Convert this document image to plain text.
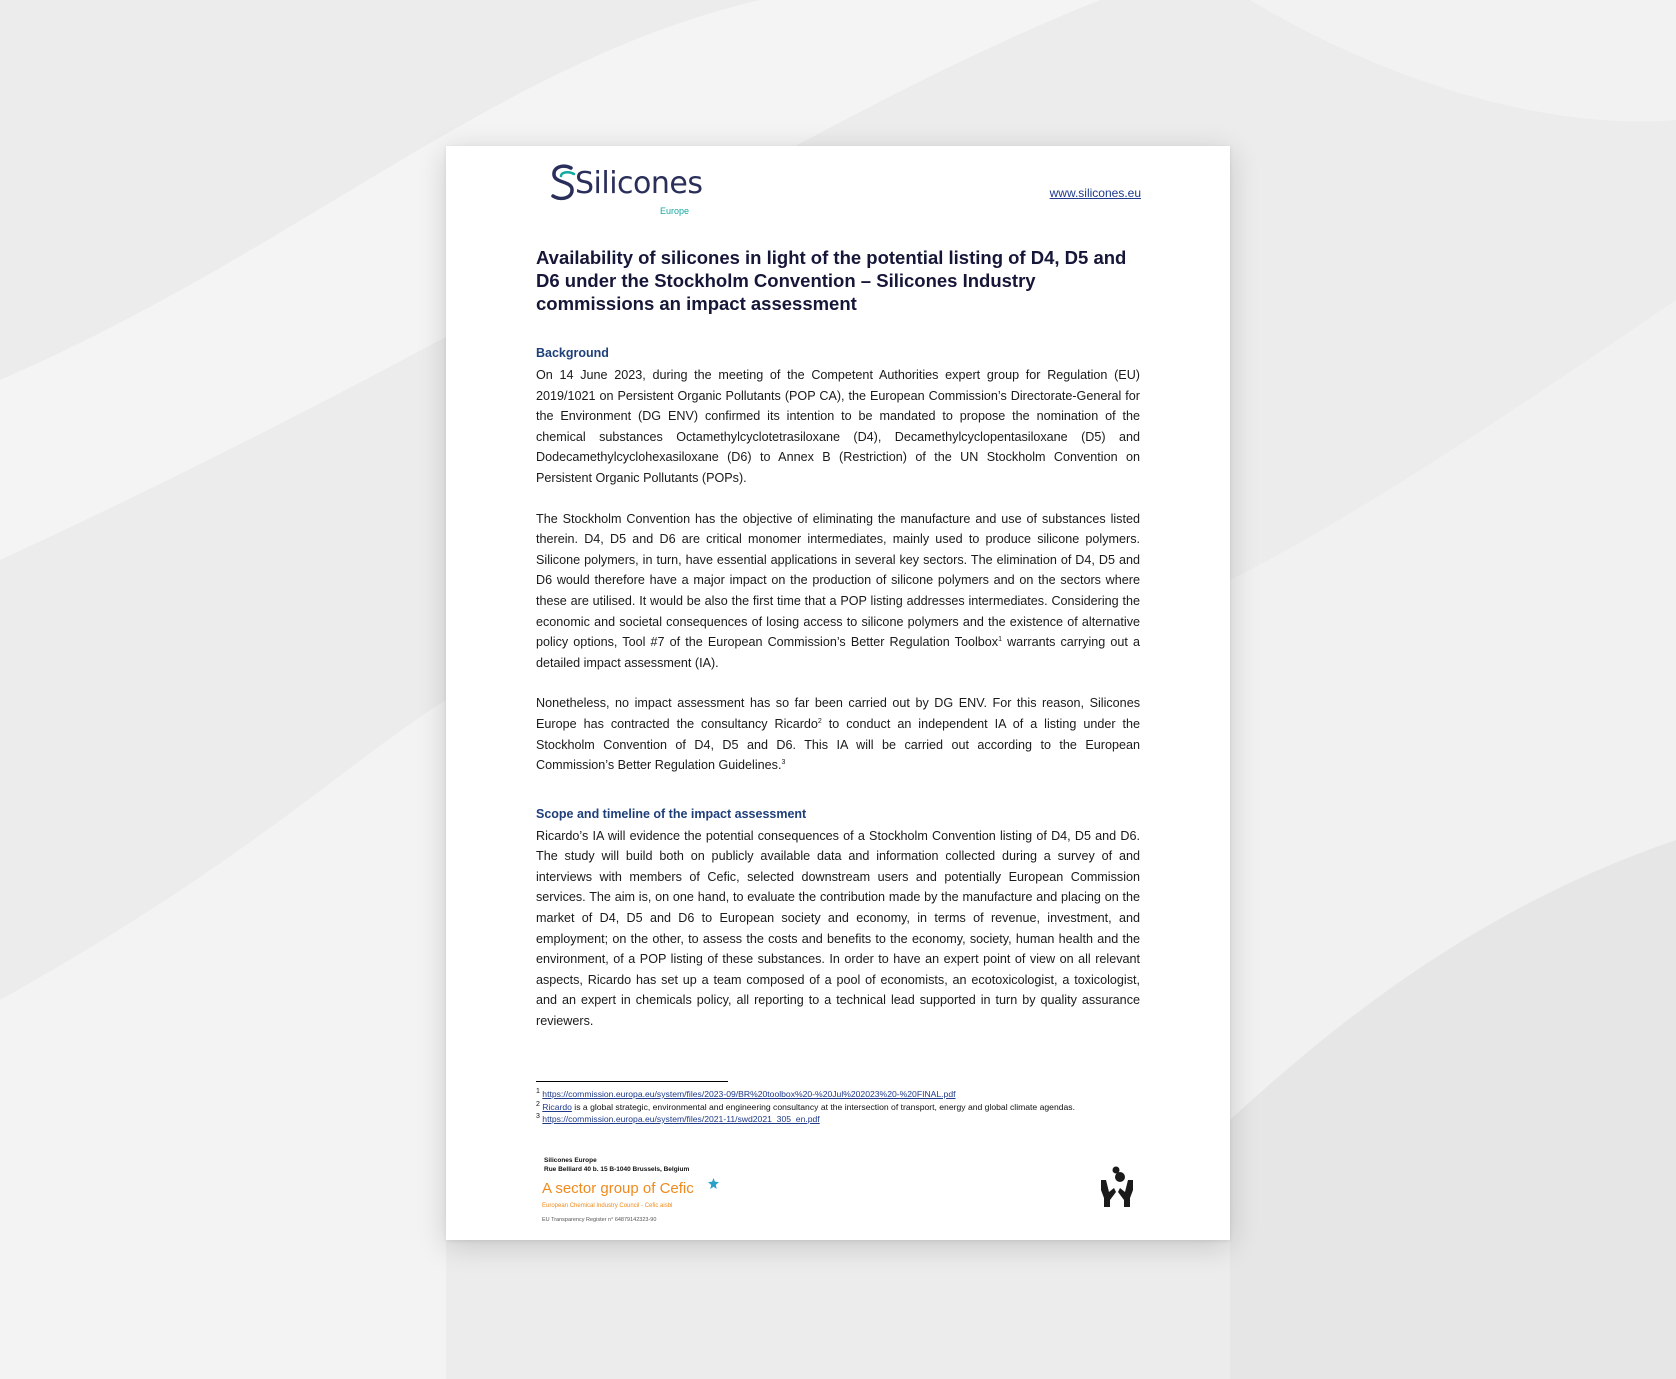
Silicones
Europe
www.silicones.eu
Availability of silicones in light of the potential listing of D4, D5 and D6 under the Stockholm Convention – Silicones Industry commissions an impact assessment
Background

On 14 June 2023, during the meeting of the Competent Authorities expert group for Regulation (EU) 2019/1021 on Persistent Organic Pollutants (POP CA), the European Commission’s Directorate-General for the Environment (DG ENV) confirmed its intention to be mandated to propose the nomination of the chemical substances Octamethylcyclotetrasiloxane (D4), Decamethylcyclopentasiloxane (D5) and Dodecamethylcyclohexasiloxane (D6) to Annex B (Restriction) of the UN Stockholm Convention on Persistent Organic Pollutants (POPs).

The Stockholm Convention has the objective of eliminating the manufacture and use of substances listed therein. D4, D5 and D6 are critical monomer intermediates, mainly used to produce silicone polymers. Silicone polymers, in turn, have essential applications in several key sectors. The elimination of D4, D5 and D6 would therefore have a major impact on the production of silicone polymers and on the sectors where these are utilised. It would be also the first time that a POP listing addresses intermediates. Considering the economic and societal consequences of losing access to silicone polymers and the existence of alternative policy options, Tool #7 of the European Commission’s Better Regulation Toolbox$^1$ warrants carrying out a detailed impact assessment (IA).

Nonetheless, no impact assessment has so far been carried out by DG ENV. For this reason, Silicones Europe has contracted the consultancy Ricardo$^2$ to conduct an independent IA of a listing under the Stockholm Convention of D4, D5 and D6. This IA will be carried out according to the European Commission’s Better Regulation Guidelines.$^3$

Scope and timeline of the impact assessment

Ricardo’s IA will evidence the potential consequences of a Stockholm Convention listing of D4, D5 and D6. The study will build both on publicly available data and information collected during a survey of and interviews with members of Cefic, selected downstream users and potentially European Commission services. The aim is, on one hand, to evaluate the contribution made by the manufacture and placing on the market of D4, D5 and D6 to European society and economy, in terms of revenue, investment, and employment; on the other, to assess the costs and benefits to the economy, society, human health and the environment, of a POP listing of these substances. In order to have an expert point of view on all relevant aspects, Ricardo has set up a team composed of a pool of economists, an ecotoxicologist, a toxicologist, and an expert in chemicals policy, all reporting to a technical lead supported in turn by quality assurance reviewers.

$^1$ https://commission.europa.eu/system/files/2023-09/BR%20toolbox%20-%20Jul%202023%20-%20FINAL.pdf
$^2$ Ricardo is a global strategic, environmental and engineering consultancy at the intersection of transport, energy and global climate agendas.
$^3$ https://commission.europa.eu/system/files/2021-11/swd2021_305_en.pdf
Silicones Europe
Rue Belliard 40 b. 15 B-1040 Brussels, Belgium
A sector group of Cefic
European Chemical Industry Council - Cefic aisbl
EU Transparency Register n° 64879142323-90
